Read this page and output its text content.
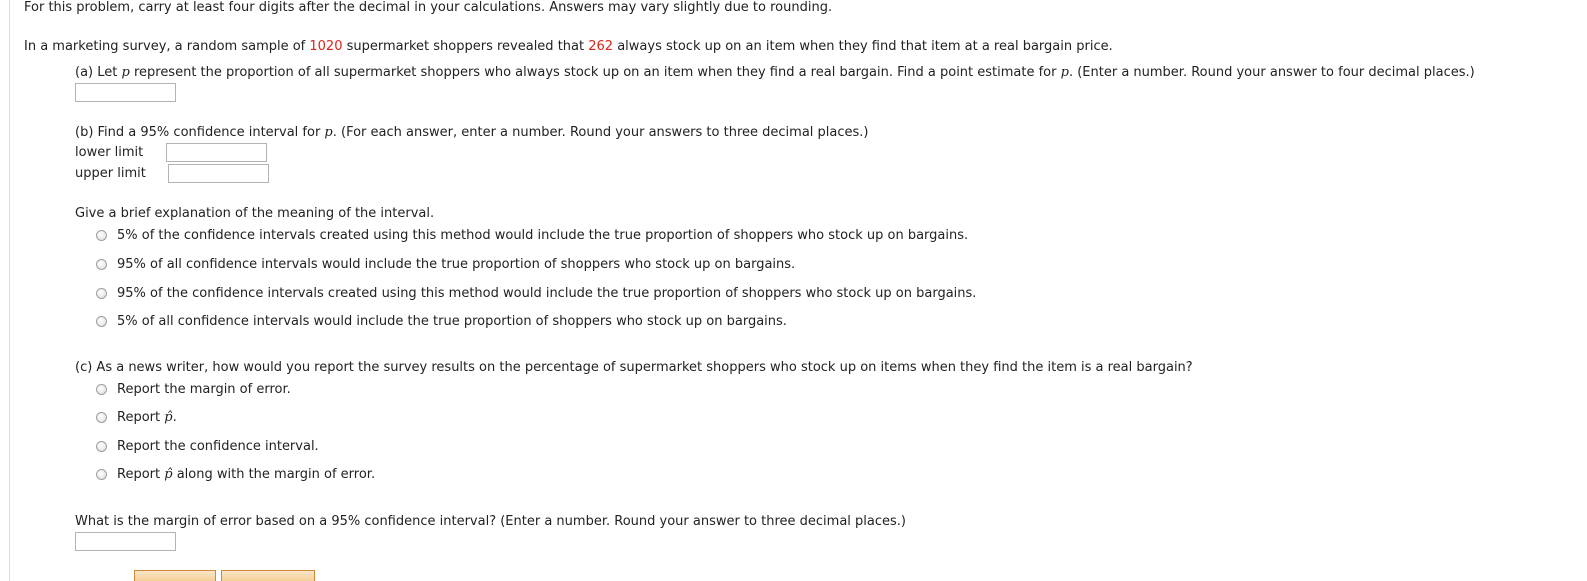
For this problem, carry at least four digits after the decimal in your calculations. Answers may vary slightly due to rounding.
In a marketing survey, a random sample of 1020 supermarket shoppers revealed that 262 always stock up on an item when they find that item at a real bargain price.
(a) Let p represent the proportion of all supermarket shoppers who always stock up on an item when they find a real bargain. Find a point estimate for p. (Enter a number. Round your answer to four decimal places.)
(b) Find a 95% confidence interval for p. (For each answer, enter a number. Round your answers to three decimal places.)
lower limit
upper limit
Give a brief explanation of the meaning of the interval.
5% of the confidence intervals created using this method would include the true proportion of shoppers who stock up on bargains.
95% of all confidence intervals would include the true proportion of shoppers who stock up on bargains.
95% of the confidence intervals created using this method would include the true proportion of shoppers who stock up on bargains.
5% of all confidence intervals would include the true proportion of shoppers who stock up on bargains.
(c) As a news writer, how would you report the survey results on the percentage of supermarket shoppers who stock up on items when they find the item is a real bargain?
Report the margin of error.
Report p̂.
Report the confidence interval.
Report p̂ along with the margin of error.
What is the margin of error based on a 95% confidence interval? (Enter a number. Round your answer to three decimal places.)
